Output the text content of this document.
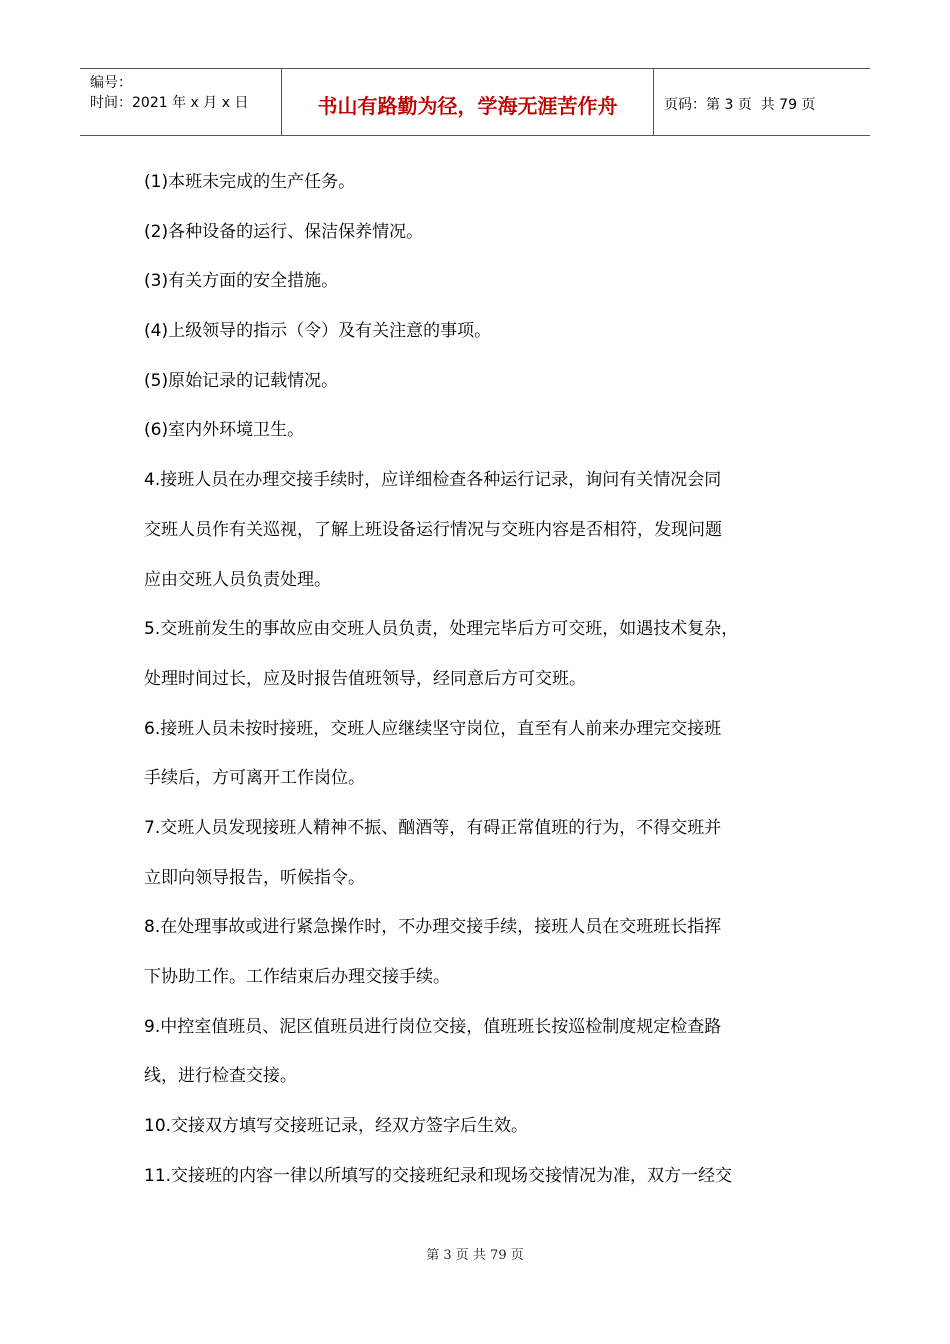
编号：
时间：2021 年 x 月 x 日	书山有路勤为径，学海无涯苦作舟	页码：第 3 页  共 79 页
(1)本班未完成的生产任务。
(2)各种设备的运行、保洁保养情况。
(3)有关方面的安全措施。
(4)上级领导的指示（令）及有关注意的事项。
(5)原始记录的记载情况。
(6)室内外环境卫生。
4.接班人员在办理交接手续时，应详细检查各种运行记录，询问有关情况会同
交班人员作有关巡视，了解上班设备运行情况与交班内容是否相符，发现问题
应由交班人员负责处理。
5.交班前发生的事故应由交班人员负责，处理完毕后方可交班，如遇技术复杂，
处理时间过长，应及时报告值班领导，经同意后方可交班。
6.接班人员未按时接班，交班人应继续坚守岗位，直至有人前来办理完交接班
手续后，方可离开工作岗位。
7.交班人员发现接班人精神不振、酗酒等，有碍正常值班的行为，不得交班并
立即向领导报告，听候指令。
8.在处理事故或进行紧急操作时，不办理交接手续，接班人员在交班班长指挥
下协助工作。工作结束后办理交接手续。
9.中控室值班员、泥区值班员进行岗位交接，值班班长按巡检制度规定检查路
线，进行检查交接。
10.交接双方填写交接班记录，经双方签字后生效。
11.交接班的内容一律以所填写的交接班纪录和现场交接情况为准，双方一经交
第 3 页 共 79 页
